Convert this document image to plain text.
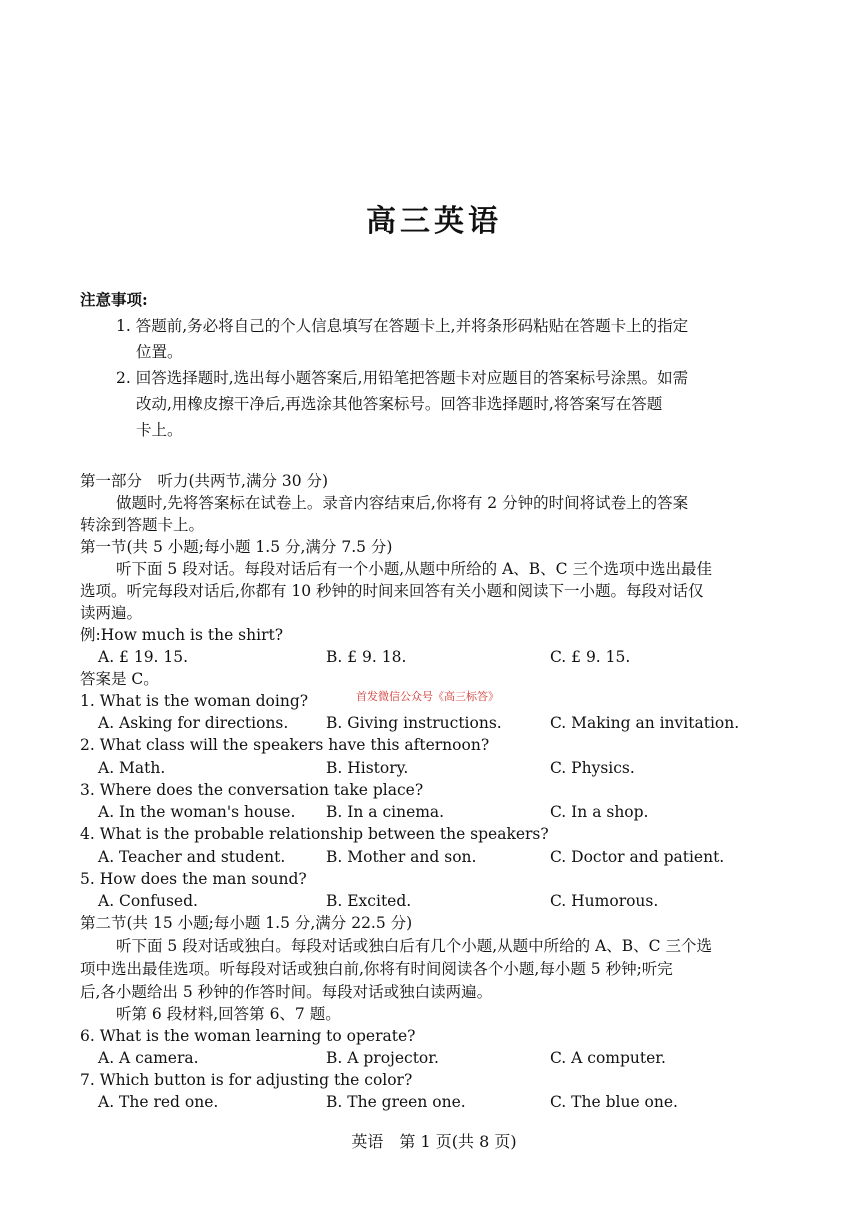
高三英语
注意事项:
1. 答题前,务必将自己的个人信息填写在答题卡上,并将条形码粘贴在答题卡上的指定
位置。
2. 回答选择题时,选出每小题答案后,用铅笔把答题卡对应题目的答案标号涂黑。如需
改动,用橡皮擦干净后,再选涂其他答案标号。回答非选择题时,将答案写在答题
卡上。
第一部分　听力(共两节,满分 30 分)
做题时,先将答案标在试卷上。录音内容结束后,你将有 2 分钟的时间将试卷上的答案
转涂到答题卡上。
第一节(共 5 小题;每小题 1.5 分,满分 7.5 分)
听下面 5 段对话。每段对话后有一个小题,从题中所给的 A、B、C 三个选项中选出最佳
选项。听完每段对话后,你都有 10 秒钟的时间来回答有关小题和阅读下一小题。每段对话仅
读两遍。
例:How much is the shirt?
A. £ 19. 15.	B. £ 9. 18.	C. £ 9. 15.
答案是 C。
1. What is the woman doing?
A. Asking for directions. B. Giving instructions.	C. Making an invitation.
2. What class will the speakers have this afternoon?
A. Math.	B. History.	C. Physics.
3. Where does the conversation take place?
A. In the woman's house. B. In a cinema.	C. In a shop.
4. What is the probable relationship between the speakers?
A. Teacher and student.	B. Mother and son.	C. Doctor and patient.
5. How does the man sound?
A. Confused.	B. Excited.	C. Humorous.
第二节(共 15 小题;每小题 1.5 分,满分 22.5 分)
听下面 5 段对话或独白。每段对话或独白后有几个小题,从题中所给的 A、B、C 三个选
项中选出最佳选项。听每段对话或独白前,你将有时间阅读各个小题,每小题 5 秒钟;听完
后,各小题给出 5 秒钟的作答时间。每段对话或独白读两遍。
听第 6 段材料,回答第 6、7 题。
6. What is the woman learning to operate?
A. A camera.	B. A projector.	C. A computer.
7. Which button is for adjusting the color?
A. The red one.	B. The green one.	C. The blue one.
首发微信公众号《高三标答》
英语　第 1 页(共 8 页)
